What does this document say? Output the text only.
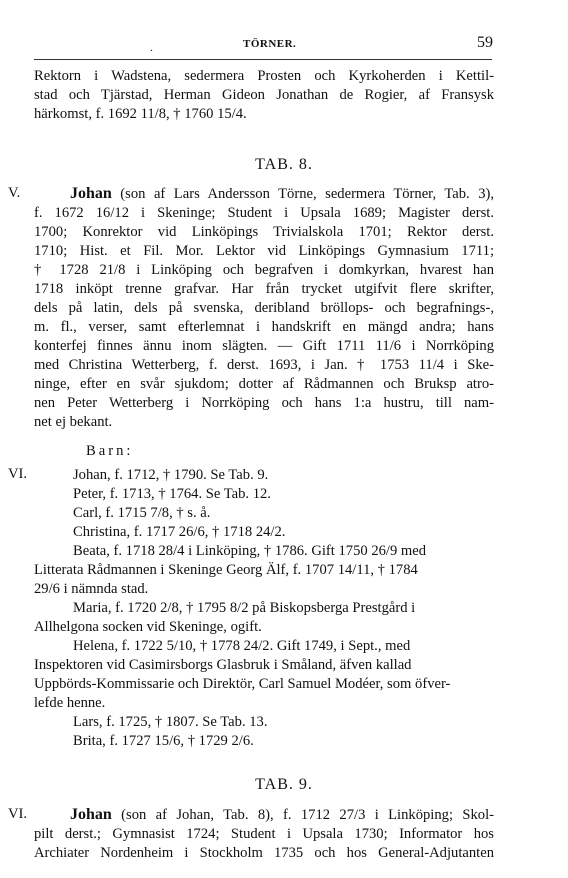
.	TÖRNER.	59
Rektorn i Wadstena, sedermera Prosten och Kyrkoherden i Kettil-
stad och Tjärstad, Herman Gideon Jonathan de Rogier, af Fransysk
härkomst, f. 1692 11/8, † 1760 15/4.
TAB. 8.
V.	Johan (son af Lars Andersson Törne, sedermera Törner, Tab. 3),
f. 1672 16/12 i Skeninge; Student i Upsala 1689; Magister derst.
1700; Konrektor vid Linköpings Trivialskola 1701; Rektor derst.
1710; Hist. et Fil. Mor. Lektor vid Linköpings Gymnasium 1711;
† 1728 21/8 i Linköping och begrafven i domkyrkan, hvarest han
1718 inköpt trenne grafvar. Har från trycket utgifvit flere skrifter,
dels på latin, dels på svenska, deribland bröllops- och begrafnings-,
m. fl., verser, samt efterlemnat i handskrift en mängd andra; hans
konterfej finnes ännu inom slägten. — Gift 1711 11/6 i Norrköping
med Christina Wetterberg, f. derst. 1693, i Jan. † 1753 11/4 i Ske-
ninge, efter en svår sjukdom; dotter af Rådmannen och Bruksp atro-
nen Peter Wetterberg i Norrköping och hans 1:a hustru, till nam-
net ej bekant.
Barn:
VI.	Johan, f. 1712, † 1790. Se Tab. 9.
Peter, f. 1713, † 1764. Se Tab. 12.
Carl, f. 1715 7/8, † s. å.
Christina, f. 1717 26/6, † 1718 24/2.
Beata, f. 1718 28/4 i Linköping, † 1786. Gift 1750 26/9 med
Litterata Rådmannen i Skeninge Georg Älf, f. 1707 14/11, † 1784
29/6 i nämnda stad.
Maria, f. 1720 2/8, † 1795 8/2 på Biskopsberga Prestgård i
Allhelgona socken vid Skeninge, ogift.
Helena, f. 1722 5/10, † 1778 24/2. Gift 1749, i Sept., med
Inspektoren vid Casimirsborgs Glasbruk i Småland, äfven kallad
Uppbörds-Kommissarie och Direktör, Carl Samuel Modéer, som öfver-
lefde henne.
Lars, f. 1725, † 1807. Se Tab. 13.
Brita, f. 1727 15/6, † 1729 2/6.
TAB. 9.
VI.	Johan (son af Johan, Tab. 8), f. 1712 27/3 i Linköping; Skol-
pilt derst.; Gymnasist 1724; Student i Upsala 1730; Informator hos
Archiater Nordenheim i Stockholm 1735 och hos General-Adjutanten
